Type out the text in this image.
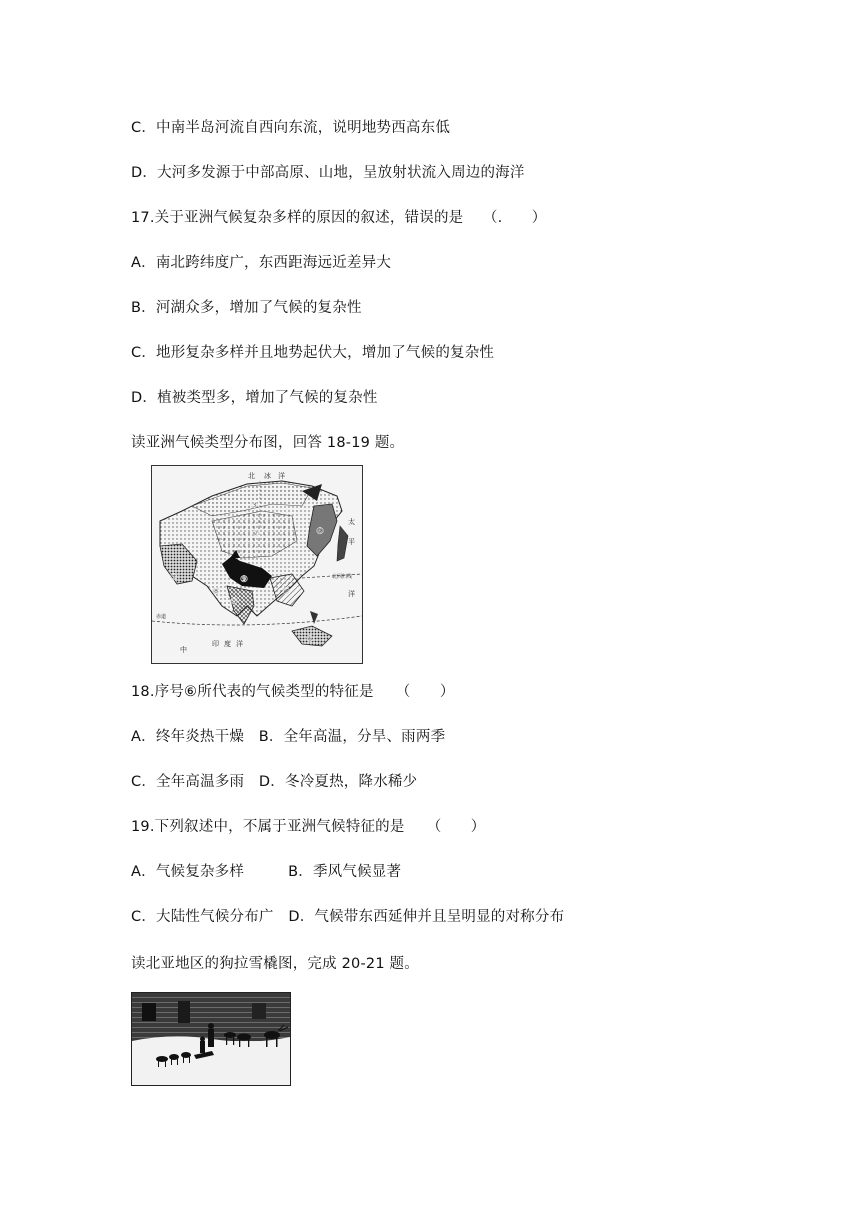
C．中南半岛河流自西向东流，说明地势西高东低
D．大河多发源于中部高原、山地，呈放射状流入周边的海洋
17.关于亚洲气候复杂多样的原因的叙述，错误的是　 （.　　）
A．南北跨纬度广，东西距海远近差异大
B．河湖众多，增加了气候的复杂性
C．地形复杂多样并且地势起伏大，增加了气候的复杂性
D．植被类型多，增加了气候的复杂性
读亚洲气候类型分布图，回答 18-19 题。
北 冰 洋
太
平
洋
北回归线
印 度 洋
赤道
中
①
②
③
④
⑤
⑥
⑦
⑧
⑨
18.序号⑥所代表的气候类型的特征是　　（　　）
A．终年炎热干燥　B．全年高温，分旱、雨两季
C．全年高温多雨　D．冬冷夏热，降水稀少
19.下列叙述中，不属于亚洲气候特征的是　　（　　）
A．气候复杂多样　　　B．季风气候显著
C．大陆性气候分布广　D．气候带东西延伸并且呈明显的对称分布
读北亚地区的狗拉雪橇图，完成 20-21 题。
